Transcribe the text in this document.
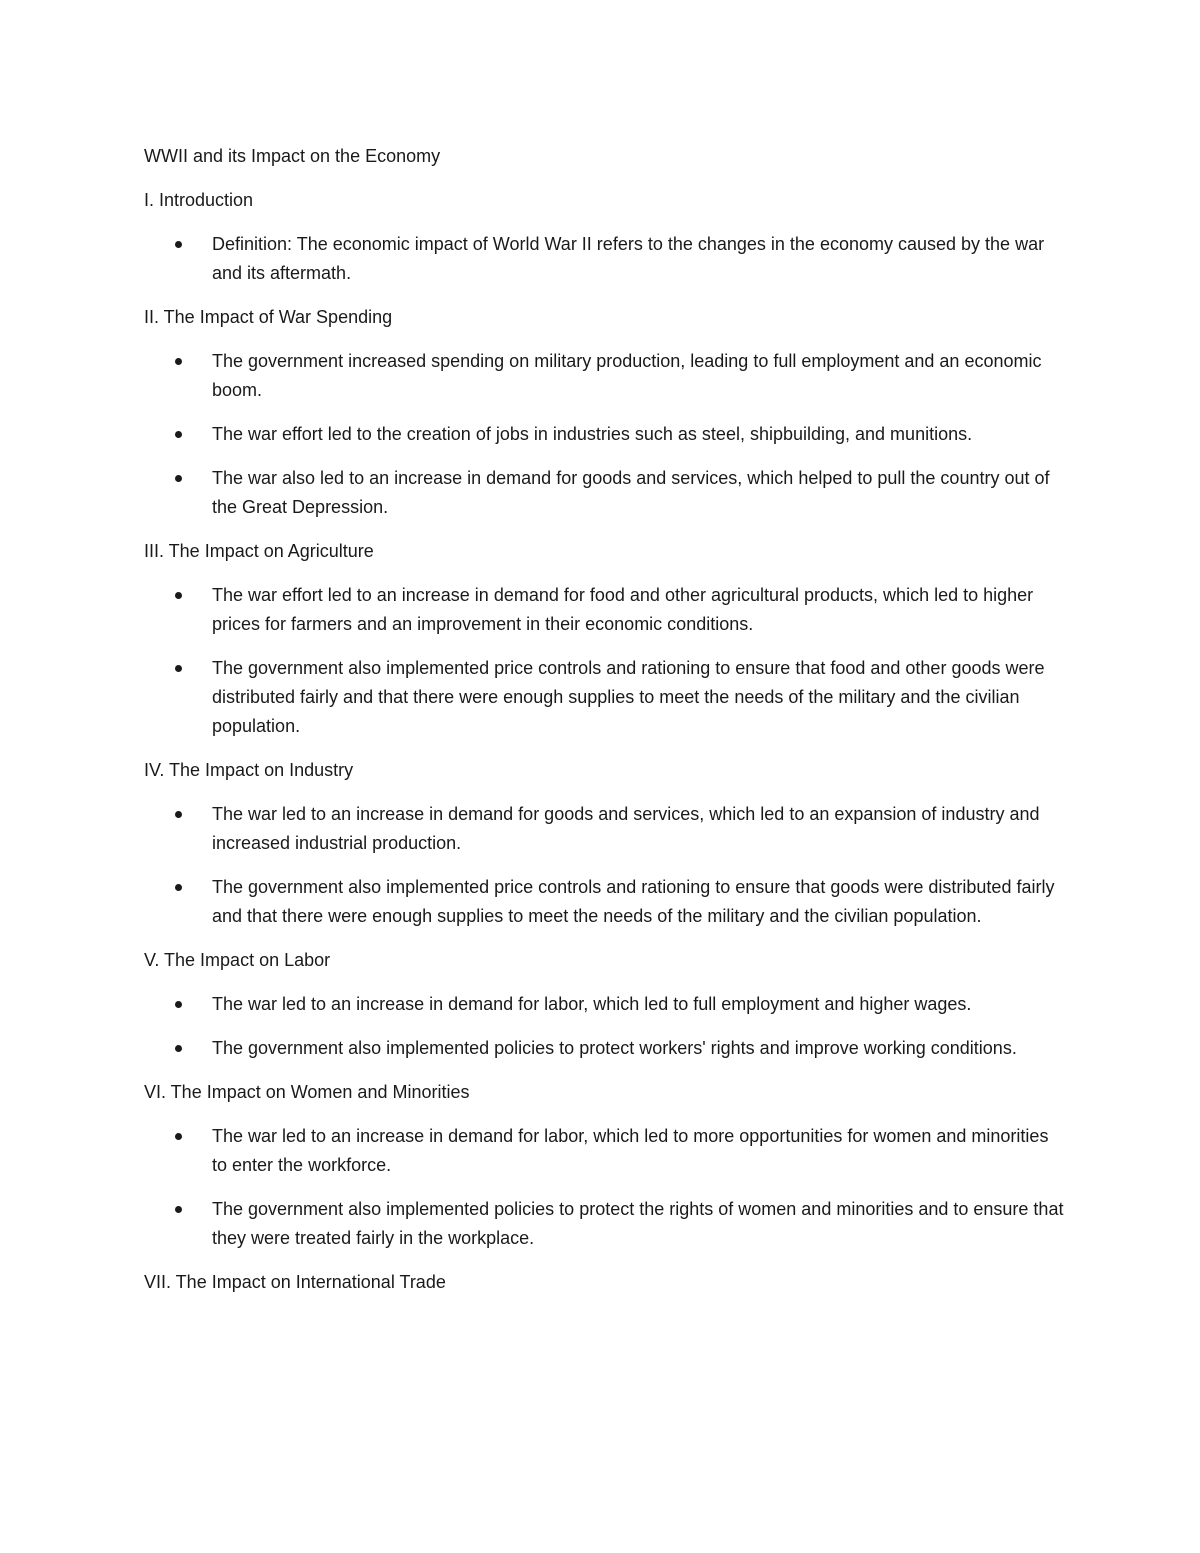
WWII and its Impact on the Economy

I. Introduction

Definition: The economic impact of World War II refers to the changes in the economy caused by the war and its aftermath.

II. The Impact of War Spending

The government increased spending on military production, leading to full employment and an economic boom.
The war effort led to the creation of jobs in industries such as steel, shipbuilding, and munitions.
The war also led to an increase in demand for goods and services, which helped to pull the country out of the Great Depression.

III. The Impact on Agriculture

The war effort led to an increase in demand for food and other agricultural products, which led to higher prices for farmers and an improvement in their economic conditions.
The government also implemented price controls and rationing to ensure that food and other goods were distributed fairly and that there were enough supplies to meet the needs of the military and the civilian population.

IV. The Impact on Industry

The war led to an increase in demand for goods and services, which led to an expansion of industry and increased industrial production.
The government also implemented price controls and rationing to ensure that goods were distributed fairly and that there were enough supplies to meet the needs of the military and the civilian population.

V. The Impact on Labor

The war led to an increase in demand for labor, which led to full employment and higher wages.
The government also implemented policies to protect workers' rights and improve working conditions.

VI. The Impact on Women and Minorities

The war led to an increase in demand for labor, which led to more opportunities for women and minorities to enter the workforce.
The government also implemented policies to protect the rights of women and minorities and to ensure that they were treated fairly in the workplace.

VII. The Impact on International Trade
